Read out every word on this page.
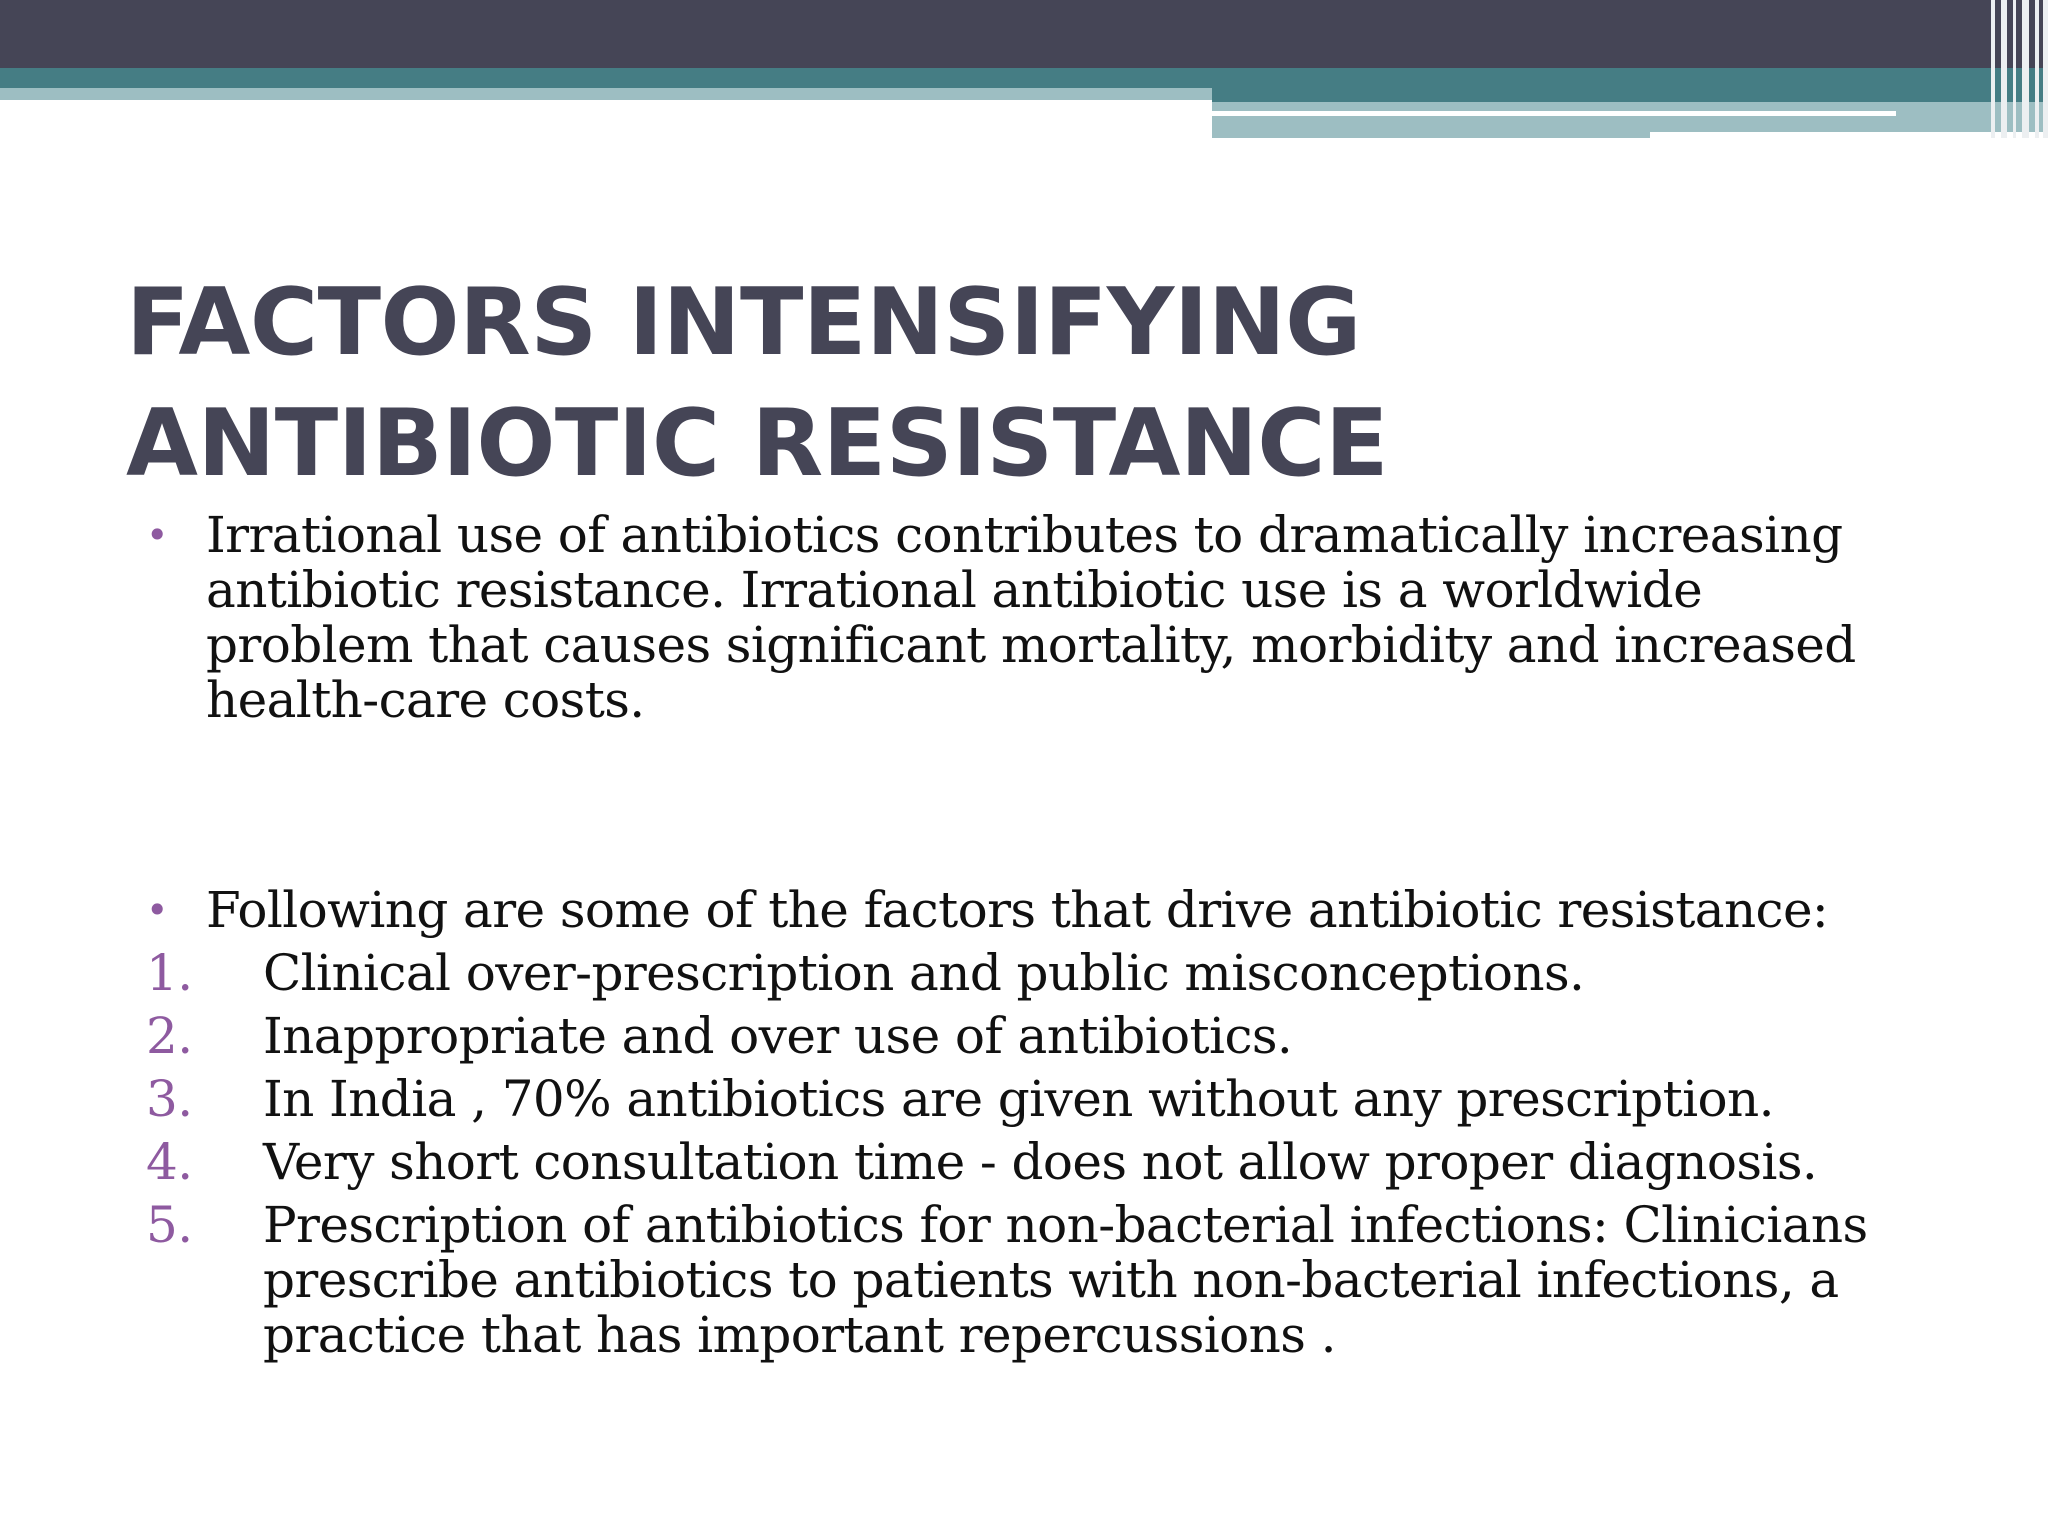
FACTORS INTENSIFYING ANTIBIOTIC RESISTANCE

• Irrational use of antibiotics contributes to dramatically increasing antibiotic resistance. Irrational antibiotic use is a worldwide problem that causes significant mortality, morbidity and increased health-care costs.

• Following are some of the factors that drive antibiotic resistance:

1. Clinical over-prescription and public misconceptions.
2. Inappropriate and over use of antibiotics.
3. In India , 70% antibiotics are given without any prescription.
4. Very short consultation time - does not allow proper diagnosis.
5. Prescription of antibiotics for non-bacterial infections: Clinicians prescribe antibiotics to patients with non-bacterial infections, a practice that has important repercussions .
